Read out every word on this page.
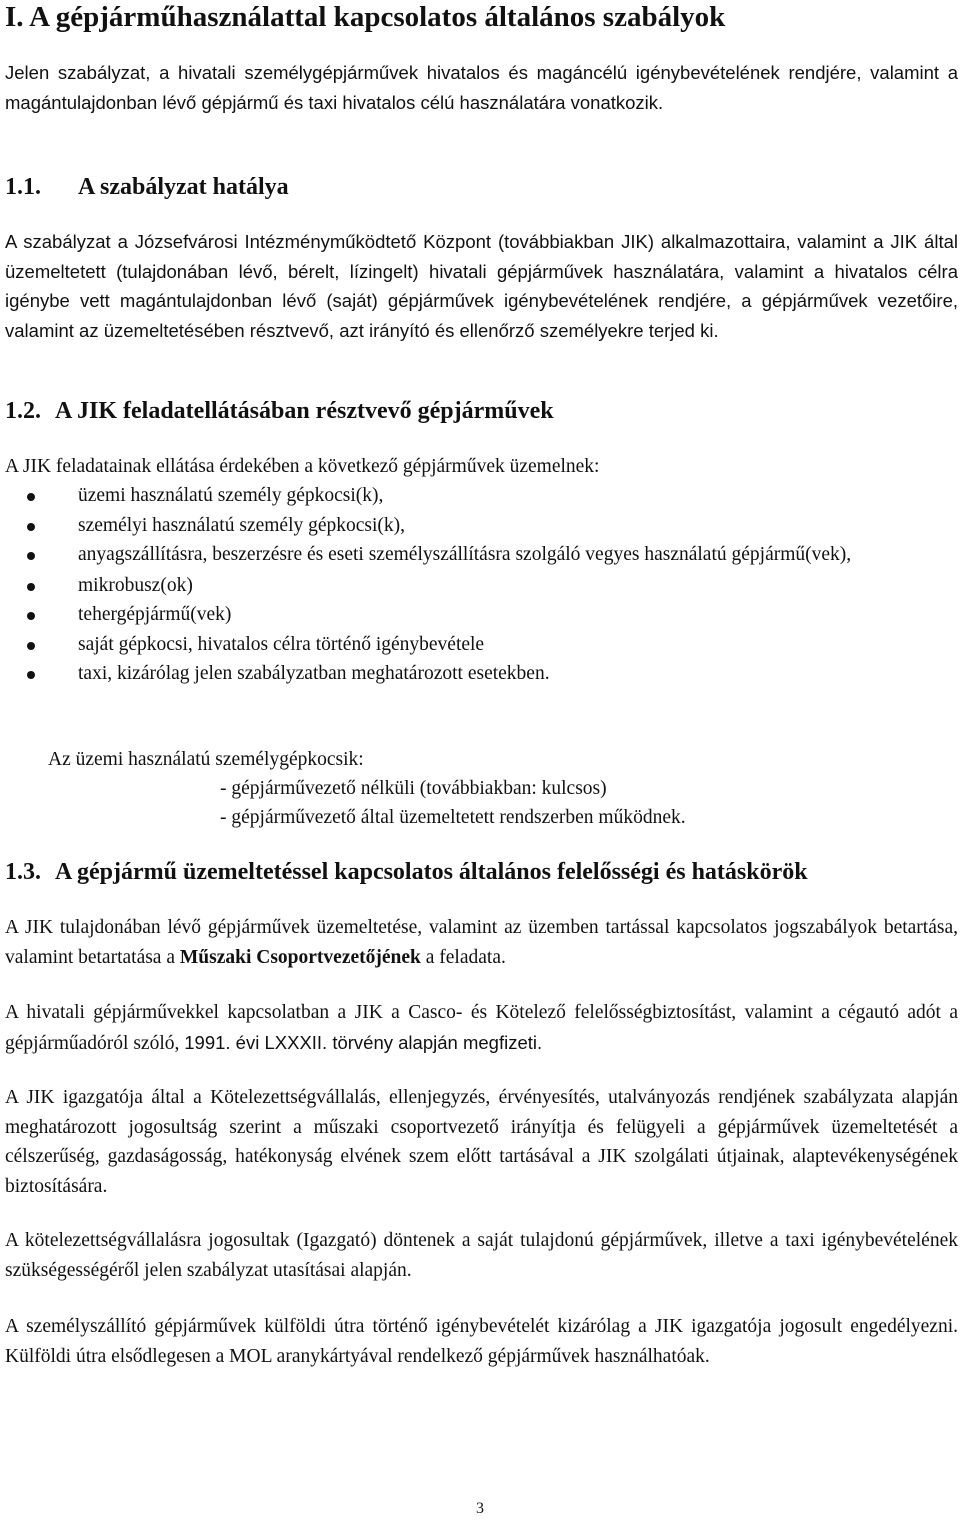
I. A gépjárműhasználattal kapcsolatos általános szabályok
Jelen szabályzat, a hivatali személygépjárművek hivatalos és magáncélú igénybevételének rendjére, valamint a magántulajdonban lévő gépjármű és taxi hivatalos célú használatára vonatkozik.
1.1. A szabályzat hatálya
A szabályzat a Józsefvárosi Intézményműködtető Központ (továbbiakban JIK) alkalmazottaira, valamint a JIK által üzemeltetett (tulajdonában lévő, bérelt, lízingelt) hivatali gépjárművek használatára, valamint a hivatalos célra igénybe vett magántulajdonban lévő (saját) gépjárművek igénybevételének rendjére, a gépjárművek vezetőire, valamint az üzemeltetésében résztvevő, azt irányító és ellenőrző személyekre terjed ki.
1.2. A JIK feladatellátásában résztvevő gépjárművek
A JIK feladatainak ellátása érdekében a következő gépjárművek üzemelnek:
üzemi használatú személy gépkocsi(k),
személyi használatú személy gépkocsi(k),
anyagszállításra, beszerzésre és eseti személyszállításra szolgáló vegyes használatú gépjármű(vek),
mikrobusz(ok)
tehergépjármű(vek)
saját gépkocsi, hivatalos célra történő igénybevétele
taxi, kizárólag jelen szabályzatban meghatározott esetekben.
Az üzemi használatú személygépkocsik:
- gépjárművezető nélküli (továbbiakban: kulcsos)
- gépjárművezető által üzemeltetett rendszerben működnek.
1.3. A gépjármű üzemeltetéssel kapcsolatos általános felelősségi és hatáskörök
A JIK tulajdonában lévő gépjárművek üzemeltetése, valamint az üzemben tartással kapcsolatos jogszabályok betartása, valamint betartatása a Műszaki Csoportvezetőjének a feladata.
A hivatali gépjárművekkel kapcsolatban a JIK a Casco- és Kötelező felelősségbiztosítást, valamint a cégautó adót a gépjárműadóról szóló, 1991. évi LXXXII. törvény alapján megfizeti.
A JIK igazgatója által a Kötelezettségvállalás, ellenjegyzés, érvényesítés, utalványozás rendjének szabályzata alapján meghatározott jogosultság szerint a műszaki csoportvezető irányítja és felügyeli a gépjárművek üzemeltetését a célszerűség, gazdaságosság, hatékonyság elvének szem előtt tartásával a JIK szolgálati útjainak, alaptevékenységének biztosítására.
A kötelezettségvállalásra jogosultak (Igazgató) döntenek a saját tulajdonú gépjárművek, illetve a taxi igénybevételének szükségességéről jelen szabályzat utasításai alapján.
A személyszállító gépjárművek külföldi útra történő igénybevételét kizárólag a JIK igazgatója jogosult engedélyezni. Külföldi útra elsődlegesen a MOL aranykártyával rendelkező gépjárművek használhatóak.
3
